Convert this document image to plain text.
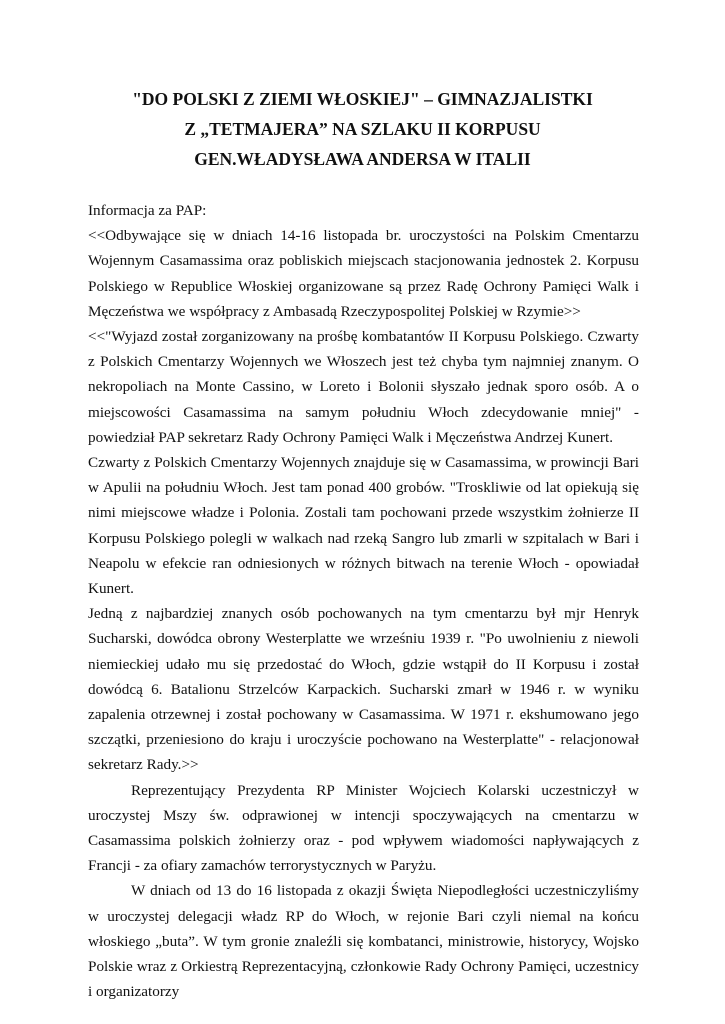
"DO POLSKI Z ZIEMI WŁOSKIEJ" – GIMNAZJALISTKI
Z „TETMAJERA” NA SZLAKU II KORPUSU
GEN.WŁADYSŁAWA ANDERSA W ITALII

Informacja za PAP:

<<Odbywające się w dniach 14-16 listopada br. uroczystości na Polskim Cmentarzu Wojennym Casamassima oraz pobliskich miejscach stacjonowania jednostek 2. Korpusu Polskiego w Republice Włoskiej organizowane są przez Radę Ochrony Pamięci Walk i Męczeństwa we współpracy z Ambasadą Rzeczypospolitej Polskiej w Rzymie>>

<<"Wyjazd został zorganizowany na prośbę kombatantów II Korpusu Polskiego. Czwarty z Polskich Cmentarzy Wojennych we Włoszech jest też chyba tym najmniej znanym. O nekropoliach na Monte Cassino, w Loreto i Bolonii słyszało jednak sporo osób. A o miejscowości Casamassima na samym południu Włoch zdecydowanie mniej" - powiedział PAP sekretarz Rady Ochrony Pamięci Walk i Męczeństwa Andrzej Kunert.

Czwarty z Polskich Cmentarzy Wojennych znajduje się w Casamassima, w prowincji Bari w Apulii na południu Włoch. Jest tam ponad 400 grobów. "Troskliwie od lat opiekują się nimi miejscowe władze i Polonia. Zostali tam pochowani przede wszystkim żołnierze II Korpusu Polskiego polegli w walkach nad rzeką Sangro lub zmarli w szpitalach w Bari i Neapolu w efekcie ran odniesionych w różnych bitwach na terenie Włoch - opowiadał Kunert.

Jedną z najbardziej znanych osób pochowanych na tym cmentarzu był mjr Henryk Sucharski, dowódca obrony Westerplatte we wrześniu 1939 r. "Po uwolnieniu z niewoli niemieckiej udało mu się przedostać do Włoch, gdzie wstąpił do II Korpusu i został dowódcą 6. Batalionu Strzelców Karpackich. Sucharski zmarł w 1946 r. w wyniku zapalenia otrzewnej i został pochowany w Casamassima. W 1971 r. ekshumowano jego szczątki, przeniesiono do kraju i uroczyście pochowano na Westerplatte" - relacjonował sekretarz Rady.>>

Reprezentujący Prezydenta RP Minister Wojciech Kolarski uczestniczył w uroczystej Mszy św. odprawionej w intencji spoczywających na cmentarzu w Casamassima polskich żołnierzy oraz - pod wpływem wiadomości napływających z Francji - za ofiary zamachów terrorystycznych w Paryżu.

W dniach od 13 do 16 listopada z okazji Święta Niepodległości uczestniczyliśmy w uroczystej delegacji władz RP do Włoch, w rejonie Bari czyli niemal na końcu włoskiego „buta”. W tym gronie znaleźli się kombatanci, ministrowie, historycy, Wojsko Polskie wraz z Orkiestrą Reprezentacyjną, członkowie Rady Ochrony Pamięci, uczestnicy i organizatorzy
